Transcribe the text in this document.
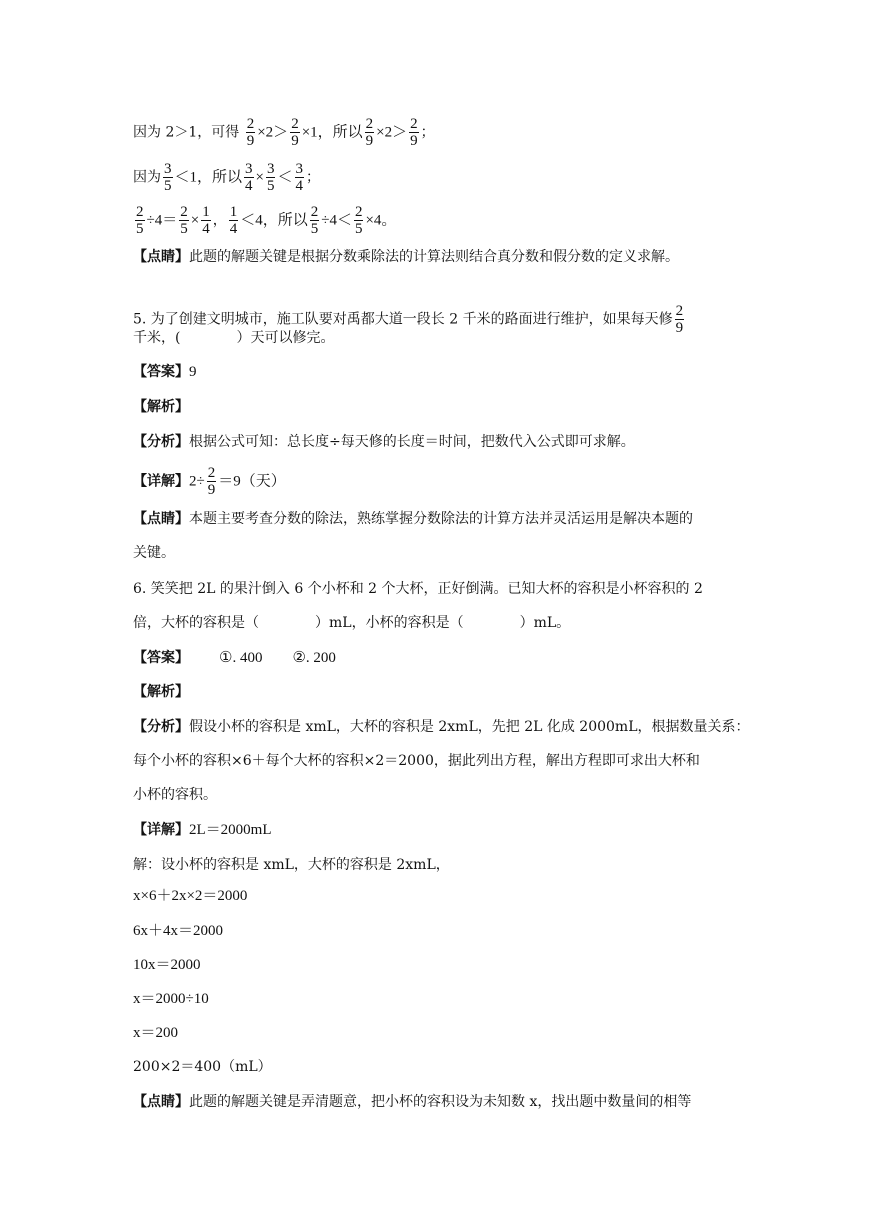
因为 2＞1，可得 $\frac{2}{9} \times 2> \frac{2}{9} \times 1$，所以 $\frac{2}{9} \times 2> \frac{2}{9}$ ；
因为 $\frac{3}{5} <1$，所以 $\frac{3}{4} \times \frac{3}{5} < \frac{3}{4}$ ；
$\frac{2}{5} \div 4= \frac{2}{5} \times \frac{1}{4}$ ， $\frac{1}{4} <4$，所以 $\frac{2}{5} \div 4< \frac{2}{5} \times 4$。
【点睛】此题的解题关键是根据分数乘除法的计算法则结合真分数和假分数的定义求解。
5. 为了创建文明城市，施工队要对禹都大道一段长 2 千米的路面进行维护，如果每天修 $\frac{2}{9}$
千米，(　　　　）天可以修完。
【答案】9
【解析】
【分析】根据公式可知：总长度÷每天修的长度＝时间，把数代入公式即可求解。
【详解】$2\div \frac{2}{9} =9$（天）
【点睛】本题主要考查分数的除法，熟练掌握分数除法的计算方法并灵活运用是解决本题的
关键。
6. 笑笑把 2L 的果汁倒入 6 个小杯和 2 个大杯，正好倒满。已知大杯的容积是小杯容积的 2
倍，大杯的容积是（　　　　）mL，小杯的容积是（　　　　）mL。
【答案】 ①. 400 ②. 200
【解析】
【分析】假设小杯的容积是 xmL，大杯的容积是 2xmL，先把 2L 化成 2000mL，根据数量关系：
每个小杯的容积×6＋每个大杯的容积×2＝2000，据此列出方程，解出方程即可求出大杯和
小杯的容积。
【详解】2L＝2000mL
解：设小杯的容积是 xmL，大杯的容积是 2xmL，
x×6＋2x×2＝2000
6x＋4x＝2000
10x＝2000
x＝2000÷10
x＝200
200×2＝400（mL）
【点睛】此题的解题关键是弄清题意，把小杯的容积设为未知数 x，找出题中数量间的相等
